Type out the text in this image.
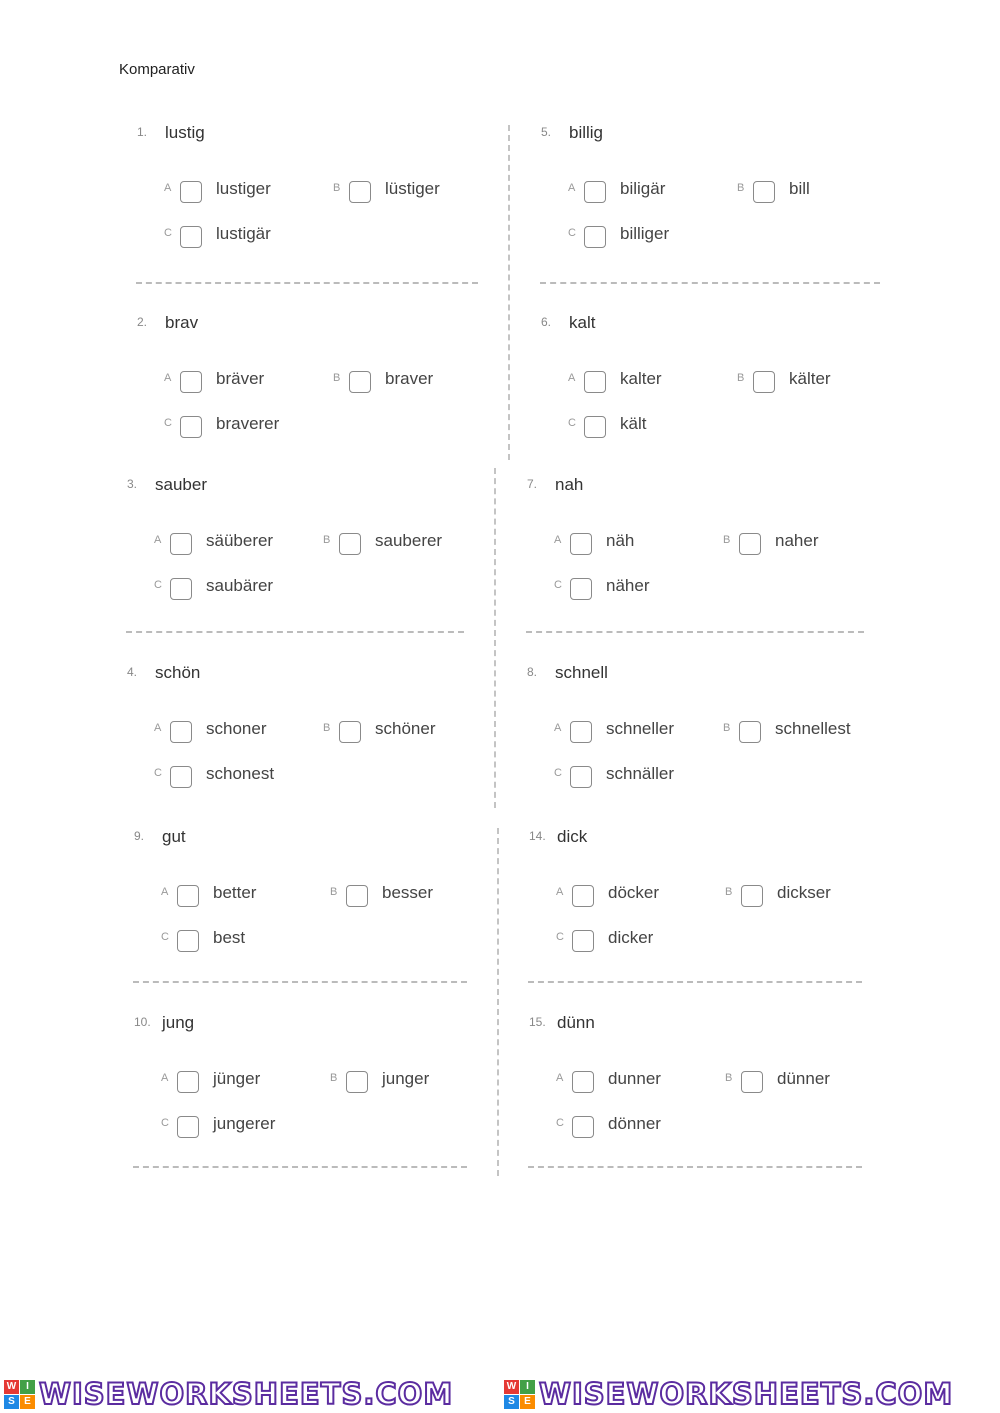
Komparativ
1. lustig
A	lustiger	B	lüstiger
C	lustigär
5. billig
A	biligär	B	bill
C	billiger
2. brav
A	bräver	B	braver
C	braverer
6. kalt
A	kalter	B	kälter
C	kält
3. sauber
A	säüberer	B	sauberer
C	saubärer
7. nah
A	näh	B	naher
C	näher
4. schön
A	schoner	B	schöner
C	schonest
8. schnell
A	schneller	B	schnellest
C	schnäller
9. gut
A	better	B	besser
C	best
14. dick
A	döcker	B	dickser
C	dicker
10. jung
A	jünger	B	junger
C	jungerer
15. dünn
A	dunner	B	dünner
C	dönner
W I
S E WISEWORKSHEETS.COM	W I
S E WISEWORKSHEETS.COM
